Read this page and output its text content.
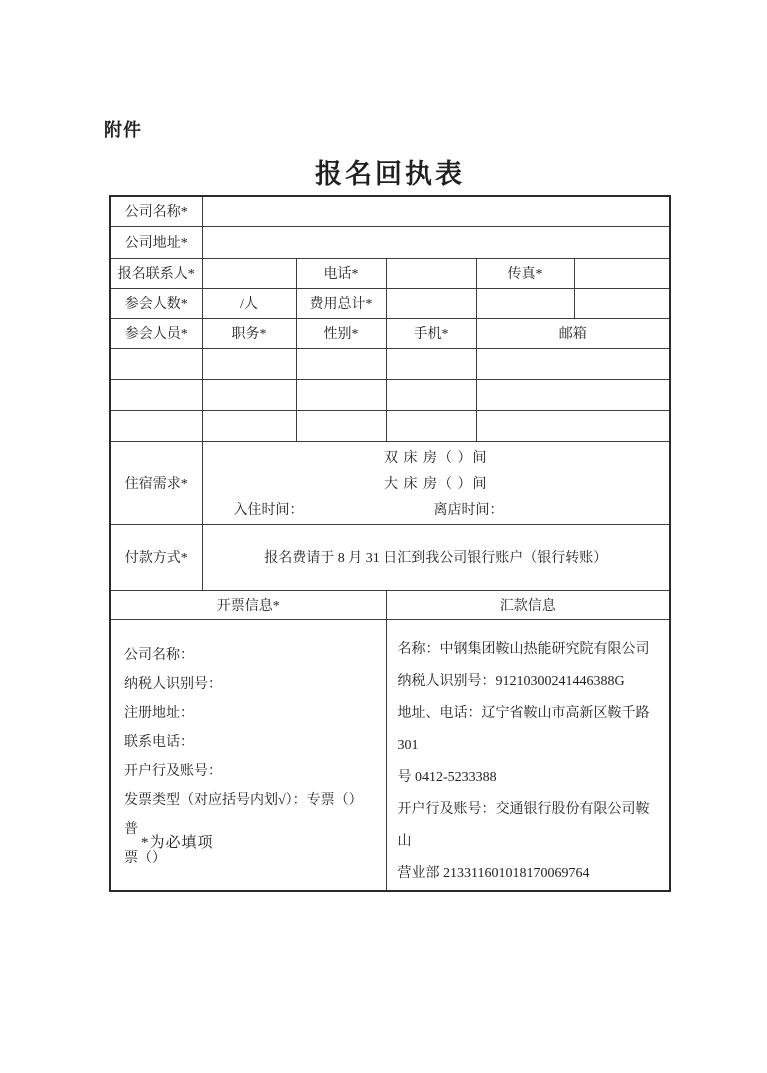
附件
报名回执表
公司名称*					
公司地址*					
报名联系人*		电话*		传真*	
参会人数*	/人	费用总计*			
参会人员*	职务*	性别*	手机*	邮箱	

住宿需求*	双 床 房（ ）间
大 床 房（ ）间
入住时间： 离店时间：				

付款方式*	报名费请于 8 月 31 日汇到我公司银行账户（银行转账）				
开票信息*			汇款信息		

公司名称：
纳税人识别号：
注册地址：
联系电话：
开户行及账号：
发票类型（对应括号内划√）：专票（）普
票（）

名称：中钢集团鞍山热能研究院有限公司
纳税人识别号：91210300241446388G
地址、电话：辽宁省鞍山市高新区鞍千路 301
号 0412-5233388
开户行及账号：交通银行股份有限公司鞍山
营业部 213311601018170069764
*为必填项
